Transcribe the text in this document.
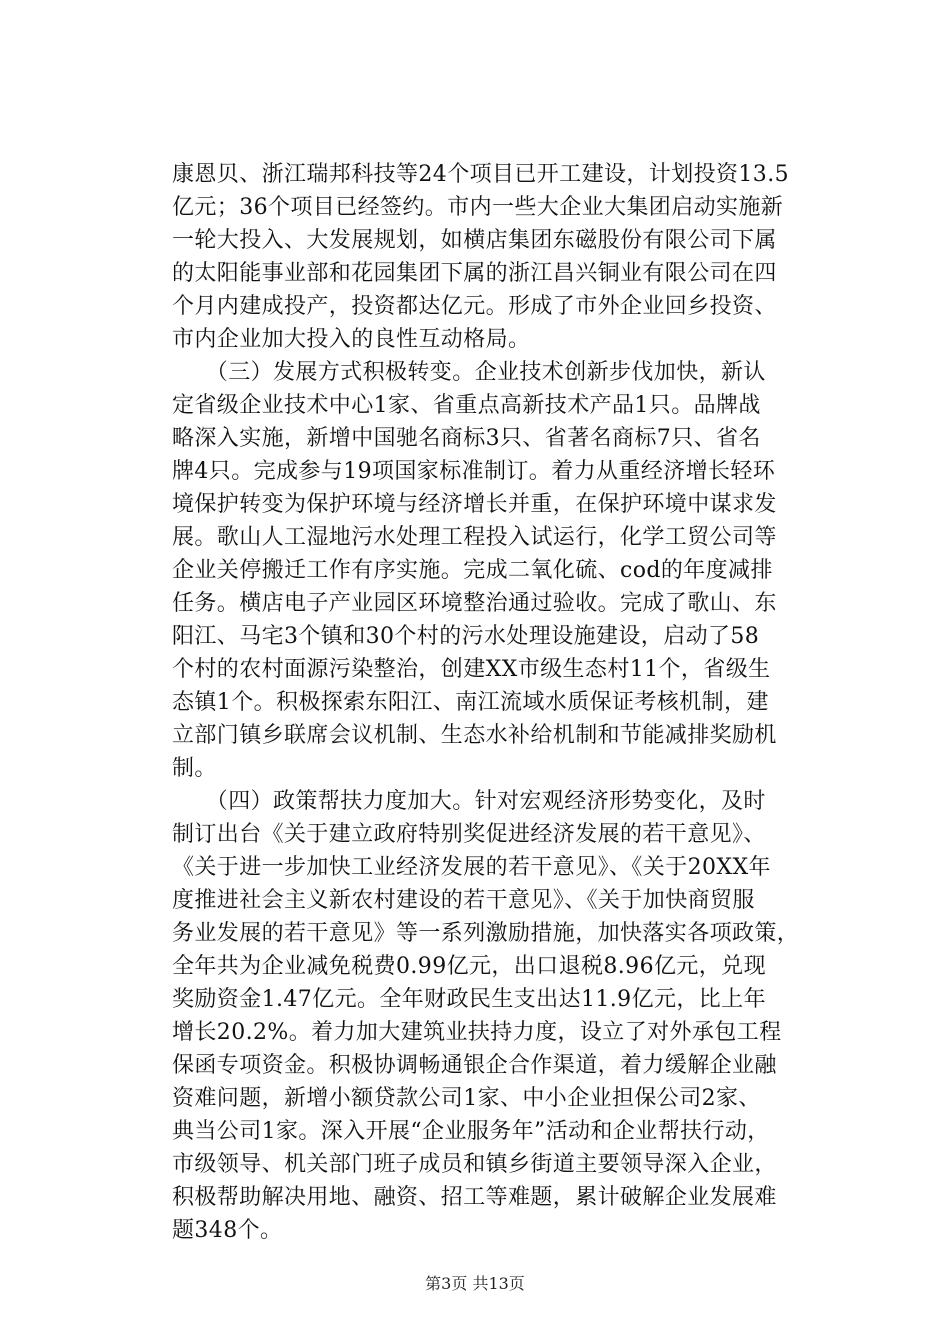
康恩贝、浙江瑞邦科技等24个项目已开工建设，计划投资13.5
亿元；36个项目已经签约。市内一些大企业大集团启动实施新
一轮大投入、大发展规划，如横店集团东磁股份有限公司下属
的太阳能事业部和花园集团下属的浙江昌兴铜业有限公司在四
个月内建成投产，投资都达亿元。形成了市外企业回乡投资、
市内企业加大投入的良性互动格局。
　　（三）发展方式积极转变。企业技术创新步伐加快，新认
定省级企业技术中心1家、省重点高新技术产品1只。品牌战
略深入实施，新增中国驰名商标3只、省著名商标7只、省名
牌4只。完成参与19项国家标准制订。着力从重经济增长轻环
境保护转变为保护环境与经济增长并重，在保护环境中谋求发
展。歌山人工湿地污水处理工程投入试运行，化学工贸公司等
企业关停搬迁工作有序实施。完成二氧化硫、cod的年度减排
任务。横店电子产业园区环境整治通过验收。完成了歌山、东
阳江、马宅3个镇和30个村的污水处理设施建设，启动了58
个村的农村面源污染整治，创建XX市级生态村11个，省级生
态镇1个。积极探索东阳江、南江流域水质保证考核机制，建
立部门镇乡联席会议机制、生态水补给机制和节能减排奖励机
制。
　　（四）政策帮扶力度加大。针对宏观经济形势变化，及时
制订出台《关于建立政府特别奖促进经济发展的若干意见》、
《关于进一步加快工业经济发展的若干意见》、《关于20XX年
度推进社会主义新农村建设的若干意见》、《关于加快商贸服
务业发展的若干意见》等一系列激励措施，加快落实各项政策，
全年共为企业减免税费0.99亿元，出口退税8.96亿元，兑现
奖励资金1.47亿元。全年财政民生支出达11.9亿元，比上年
增长20.2%。着力加大建筑业扶持力度，设立了对外承包工程
保函专项资金。积极协调畅通银企合作渠道，着力缓解企业融
资难问题，新增小额贷款公司1家、中小企业担保公司2家、
典当公司1家。深入开展“企业服务年”活动和企业帮扶行动，
市级领导、机关部门班子成员和镇乡街道主要领导深入企业，
积极帮助解决用地、融资、招工等难题，累计破解企业发展难
题348个。
第3页 共13页
